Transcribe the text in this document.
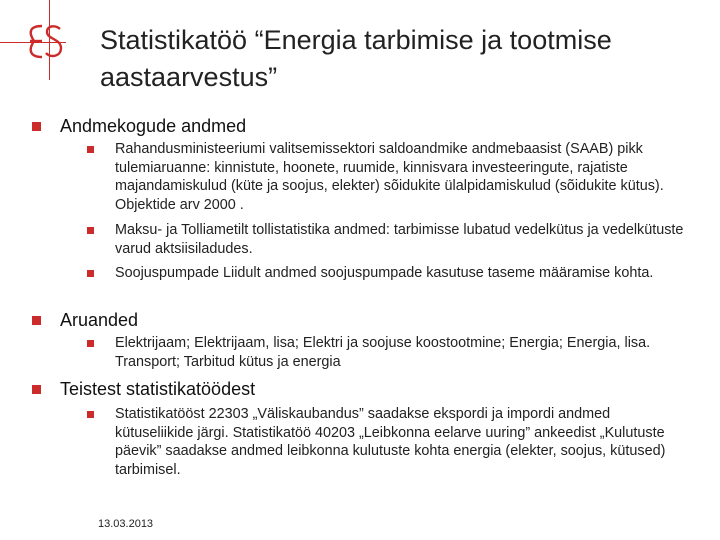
Statistikatöö “Energia tarbimise ja tootmise aastaarvestus”
Andmekogude andmed
Rahandusministeeriumi valitsemissektori saldoandmike andmebaasist (SAAB) pikk tulemiaruanne: kinnistute, hoonete, ruumide, kinnisvara investeeringute, rajatiste majandamiskulud (küte ja soojus, elekter) sõidukite ülalpidamiskulud (sõidukite kütus). Objektide arv 2000 .
Maksu- ja Tolliametilt tollistatistika andmed: tarbimisse lubatud vedelkütus ja vedelkütuste varud aktsiisiladudes.
Soojuspumpade Liidult andmed soojuspumpade kasutuse taseme määramise kohta.
Aruanded
Elektrijaam; Elektrijaam, lisa; Elektri ja soojuse koostootmine; Energia; Energia, lisa. Transport; Tarbitud kütus ja energia
Teistest statistikatöödest
Statistikatööst 22303 „Väliskaubandus” saadakse ekspordi ja impordi andmed kütuseliikide järgi. Statistikatöö 40203 „Leibkonna eelarve uuring” ankeedist „Kulutuste päevik” saadakse andmed leibkonna kulutuste kohta energia (elekter, soojus, kütused) tarbimisel.
13.03.2013
